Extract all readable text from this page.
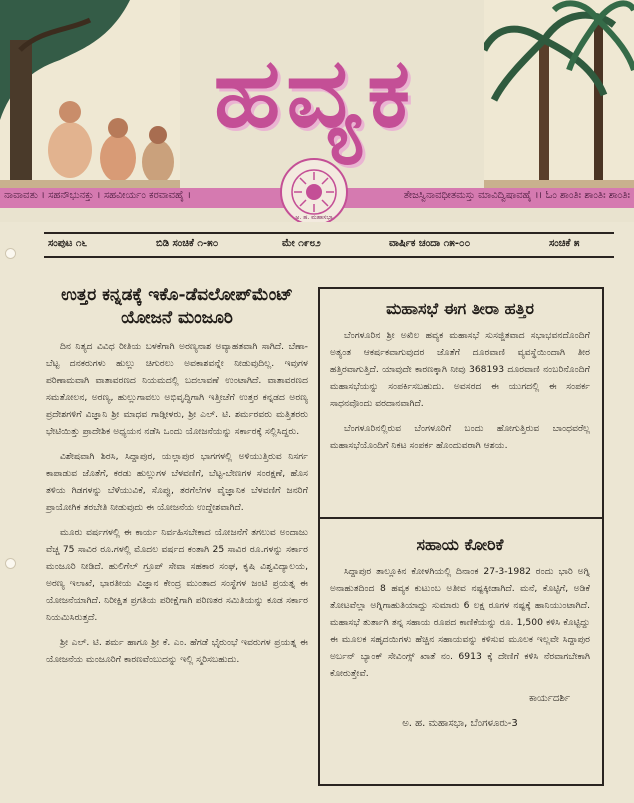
ಹವ್ಯಕ
ನಾವಾವತು । ಸಹನೌಭುನಕ್ತು । ಸಹವೀರ್ಯಂ ಕರವಾವಹೈ ।	ತೇಜಸ್ವಿನಾವಧೀತಮಸ್ತು ಮಾವಿದ್ವಿಷಾವಹೈ ।। ಓಂ ಶಾಂತಿಃ ಶಾಂತಿಃ ಶಾಂತಿಃ
ಅ. ಹ. ಮಹಾಸಭಾ
ಸಂಪುಟ ೧೬	ಬಿಡಿ ಸಂಚಿಕೆ ೧-೫೦	ಮೇ ೧೯೮೨	ವಾರ್ಷಿಕ ಚಂದಾ ೧೫-೦೦	ಸಂಚಿಕೆ ೫
ಉತ್ತರ ಕನ್ನಡಕ್ಕೆ ಇಕೊ-ಡೆವಲೋಪ್‌ಮೆಂಟ್ ಯೋಜನೆ ಮಂಜೂರಿ

ದಿನ ನಿತ್ಯದ ವಿವಿಧ ರೀತಿಯ ಬಳಕೆಗಾಗಿ ಅರಣ್ಯನಾಶ ಅವ್ಯಾಹತವಾಗಿ ಸಾಗಿದೆ. ಬೆಣಾ-ಬೆಟ್ಟ ದನಕರುಗಳು ಹುಲ್ಲು ಚಿಗುರಲು ಅವಕಾಶವನ್ನೇ ನೀಡುವುದಿಲ್ಲ. ಇವುಗಳ ಪರಿಣಾಮವಾಗಿ ವಾತಾವರಣದ ನಿಯಮದಲ್ಲಿ ಬದಲಾವಣೆ ಉಂಟಾಗಿದೆ. ವಾತಾವರಣದ ಸಮತೋಲನ, ಅರಣ್ಯ, ಹುಲ್ಲುಗಾವಲು ಅಭಿವೃದ್ಧಿಗಾಗಿ ಇತ್ತೀಚೆಗೆ ಉತ್ತರ ಕನ್ನಡದ ಅರಣ್ಯ ಪ್ರದೇಶಗಳಿಗೆ ವಿಜ್ಞಾನಿ ಶ್ರೀ ಮಾಧವ ಗಾಡ್ಗೀಳರು, ಶ್ರೀ ಎಲ್. ಟಿ. ಶರ್ಮರವರು ಮತ್ತಿತರರು ಭೇಟಿಯಿತ್ತು ಪ್ರಾದೇಶಿಕ ಅಧ್ಯಯನ ನಡೆಸಿ ಒಂದು ಯೋಜನೆಯನ್ನು ಸರ್ಕಾರಕ್ಕೆ ಸಲ್ಲಿಸಿದ್ದರು.

ವಿಶೇಷವಾಗಿ ಶಿರಸಿ, ಸಿದ್ದಾಪುರ, ಯಲ್ಲಾಪುರ ಭಾಗಗಳಲ್ಲಿ ಅಳಿಯುತ್ತಿರುವ ನಿಸರ್ಗ ಕಾಪಾಡುವ ಜೊತೆಗೆ, ಕರಡು ಹುಲ್ಲುಗಳ ಬೆಳವಣಿಗೆ, ಬೆಟ್ಟ-ಬೇಣಗಳ ಸಂರಕ್ಷಣೆ, ಹೊಸ ತಳಿಯ ಗಿಡಗಳನ್ನು ಬೆಳೆಯುವಿಕೆ, ಸೊಪ್ಪು, ತರಗೆಲೆಗಳ ವೈಜ್ಞಾನಿಕ ಬೆಳವಣಿಗೆ ಜನರಿಗೆ ಪ್ರಾಯೋಗಿಕ ತರಬೇತಿ ನೀಡುವುದು ಈ ಯೋಜನೆಯ ಉದ್ದೇಶವಾಗಿದೆ.

ಮೂರು ವರ್ಷಗಳಲ್ಲಿ ಈ ಕಾರ್ಯ ನಿರ್ವಹಿಸಬೇಕಾದ ಯೋಜನೆಗೆ ತಗಲುವ ಅಂದಾಜು ವೆಚ್ಚ 75 ಸಾವಿರ ರೂ.ಗಳಲ್ಲಿ ಮೊದಲ ವರ್ಷದ ಕಂತಾಗಿ 25 ಸಾವಿರ ರೂ.ಗಳನ್ನು ಸರ್ಕಾರ ಮಂಜೂರಿ ನೀಡಿದೆ. ಹುಲಿಗೆಲ್ ಗ್ರೂಪ್ ಸೇವಾ ಸಹಕಾರ ಸಂಘ, ಕೃಷಿ ವಿಶ್ವವಿದ್ಯಾಲಯ, ಅರಣ್ಯ ಇಲಾಖೆ, ಭಾರತೀಯ ವಿಜ್ಞಾನ ಕೇಂದ್ರ ಮುಂತಾದ ಸಂಸ್ಥೆಗಳ ಜಂಟಿ ಪ್ರಯತ್ನ ಈ ಯೋಜನೆಯಾಗಿದೆ. ನಿರೀಕ್ಷಿತ ಪ್ರಗತಿಯ ಪರೀಕ್ಷೆಗಾಗಿ ಪರಿಣತರ ಸಮಿತಿಯನ್ನು ಕೂಡ ಸರ್ಕಾರ ನಿಯಮಿಸಿರುತ್ತದೆ.

ಶ್ರೀ ಎಲ್. ಟಿ. ಶರ್ಮ ಹಾಗೂ ಶ್ರೀ ಕೆ. ಎಂ. ಹೆಗಡೆ ಭೈರುಂಭೆ ಇವರುಗಳ ಪ್ರಯತ್ನ ಈ ಯೋಜನೆಯ ಮಂಜೂರಿಗೆ ಕಾರಣವೆಂಬುದನ್ನು ಇಲ್ಲಿ ಸ್ಮರಿಸಬಹುದು.

ಮಹಾಸಭೆ ಈಗ ತೀರಾ ಹತ್ತಿರ

ಬೆಂಗಳೂರಿನ ಶ್ರೀ ಅಖಿಲ ಹವ್ಯಕ ಮಹಾಸಭೆ ಸುಸಜ್ಜಿತವಾದ ಸಭಾಭವನದೊಂದಿಗೆ ಅತ್ಯಂತ ಆಕರ್ಷಕವಾಗುವುದರ ಜೊತೆಗೆ ದೂರವಾಣಿ ವ್ಯವಸ್ಥೆಯಿಂದಾಗಿ ತೀರ ಹತ್ತಿರವಾಗುತ್ತಿದೆ. ಯಾವುದೇ ಕಾರಣಕ್ಕಾಗಿ ನೀವು 368193 ದೂರವಾಣಿ ನಂಬರಿನೊಂದಿಗೆ ಮಹಾಸಭೆಯನ್ನು ಸಂಪರ್ಕಿಸಬಹುದು. ಅವಸರದ ಈ ಯುಗದಲ್ಲಿ ಈ ಸಂಪರ್ಕ ಸಾಧನವೊಂದು ವರದಾನವಾಗಿದೆ.

ಬೆಂಗಳೂರಿನಲ್ಲಿರುವ ಬೆಂಗಳೂರಿಗೆ ಬಂದು ಹೋಗುತ್ತಿರುವ ಬಾಂಧವರೆಲ್ಲ ಮಹಾಸಭೆಯೊಂದಿಗೆ ನಿಕಟ ಸಂಪರ್ಕ ಹೊಂದುವರಾಗಿ ಆಶಯ.

ಸಹಾಯ ಕೋರಿಕೆ

ಸಿದ್ದಾಪುರ ತಾಲ್ಲೂಕಿನ ಕೋಳಗಿಯಲ್ಲಿ ದಿನಾಂಕ 27-3-1982 ರಂದು ಭಾರಿ ಅಗ್ನಿ ಅನಾಹುತದಿಂದ 8 ಹವ್ಯಕ ಕುಟುಂಬ ಅತೀವ ನಷ್ಟಕ್ಕೀಡಾಗಿದೆ. ಮನೆ, ಕೊಟ್ಟಿಗೆ, ಅಡಿಕೆ ತೋಟವೆಲ್ಲಾ ಅಗ್ನಿಗಾಹುತಿಯಾದ್ದು ಸುಮಾರು 6 ಲಕ್ಷ ರೂಗಳ ನಷ್ಟಕ್ಕೆ ಹಾನಿಯುಂಟಾಗಿದೆ. ಮಹಾಸಭೆ ತುರ್ತಾಗಿ ತನ್ನ ಸಹಾಯ ರೂಪದ ಕಾಣಿಕೆಯನ್ನು ರೂ. 1,500 ಕಳಿಸಿ ಕೊಟ್ಟಿದ್ದು ಈ ಮೂಲಕ ಸಹೃದಯಿಗಳು ಹೆಚ್ಚಿನ ಸಹಾಯವನ್ನು ಕಳಿಸುವ ಮೂಲಕ ಇಲ್ಲವೇ ಸಿದ್ದಾಪುರ ಅರ್ಬನ್ ಬ್ಯಾಂಕ್ ಸೇವಿಂಗ್ಸ್ ಖಾತೆ ನಂ. 6913 ಕ್ಕೆ ದೇಣಿಗೆ ಕಳಿಸಿ ನೆರವಾಗಬೇಕಾಗಿ ಕೋರುತ್ತೇವೆ.

ಕಾರ್ಯದರ್ಶಿ
ಅ. ಹ. ಮಹಾಸಭಾ, ಬೆಂಗಳೂರು-3
